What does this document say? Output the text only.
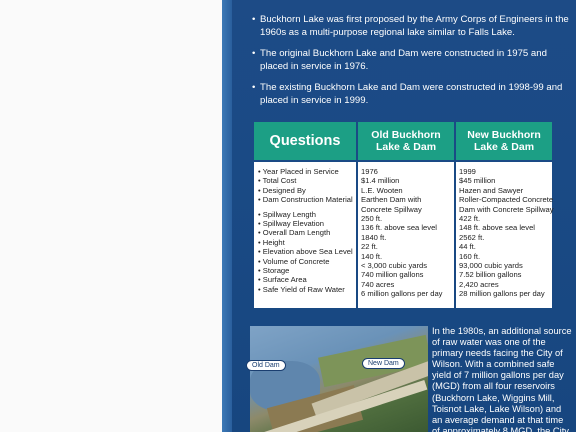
• Buckhorn Lake was first proposed by the Army Corps of Engineers in the 1960s as a multi-purpose regional lake similar to Falls Lake.
• The original Buckhorn Lake and Dam were constructed in 1975 and placed in service in 1976.
• The existing Buckhorn Lake and Dam were constructed in 1998-99 and placed in service in 1999.
Questions	Old Buckhorn Lake & Dam
New Buckhorn Lake & Dam
• Year Placed in Service
• Total Cost
• Designed By
• Dam Construction Material
• Spillway Length
• Spillway Elevation
• Overall Dam Length
• Height
• Elevation above Sea Level
• Volume of Concrete
• Storage
• Surface Area
• Safe Yield of Raw Water
1976
$1.4 million
L.E. Wooten
Earthen Dam with
Concrete Spillway
250 ft.
136 ft. above sea level
1840 ft.
22 ft.
140 ft.
< 3,000 cubic yards
740 million gallons
740 acres
6 million gallons per day
1999
$45 million
Hazen and Sawyer
Roller-Compacted Concrete
Dam with Concrete Spillway
422 ft.
148 ft. above sea level
2562 ft.
44 ft.
160 ft.
93,000 cubic yards
7.52 billion gallons
2,420 acres
28 million gallons per day
Old Dam	New Dam
In the 1980s, an additional source of raw water was one of the primary needs facing the City of Wilson. With a combined safe yield of 7 million gallons per day (MGD) from all four reservoirs (Buckhorn Lake, Wiggins Mill, Toisnot Lake, Lake Wilson) and an average demand at that time of approximately 8 MGD, the City was faced with potentially serious
